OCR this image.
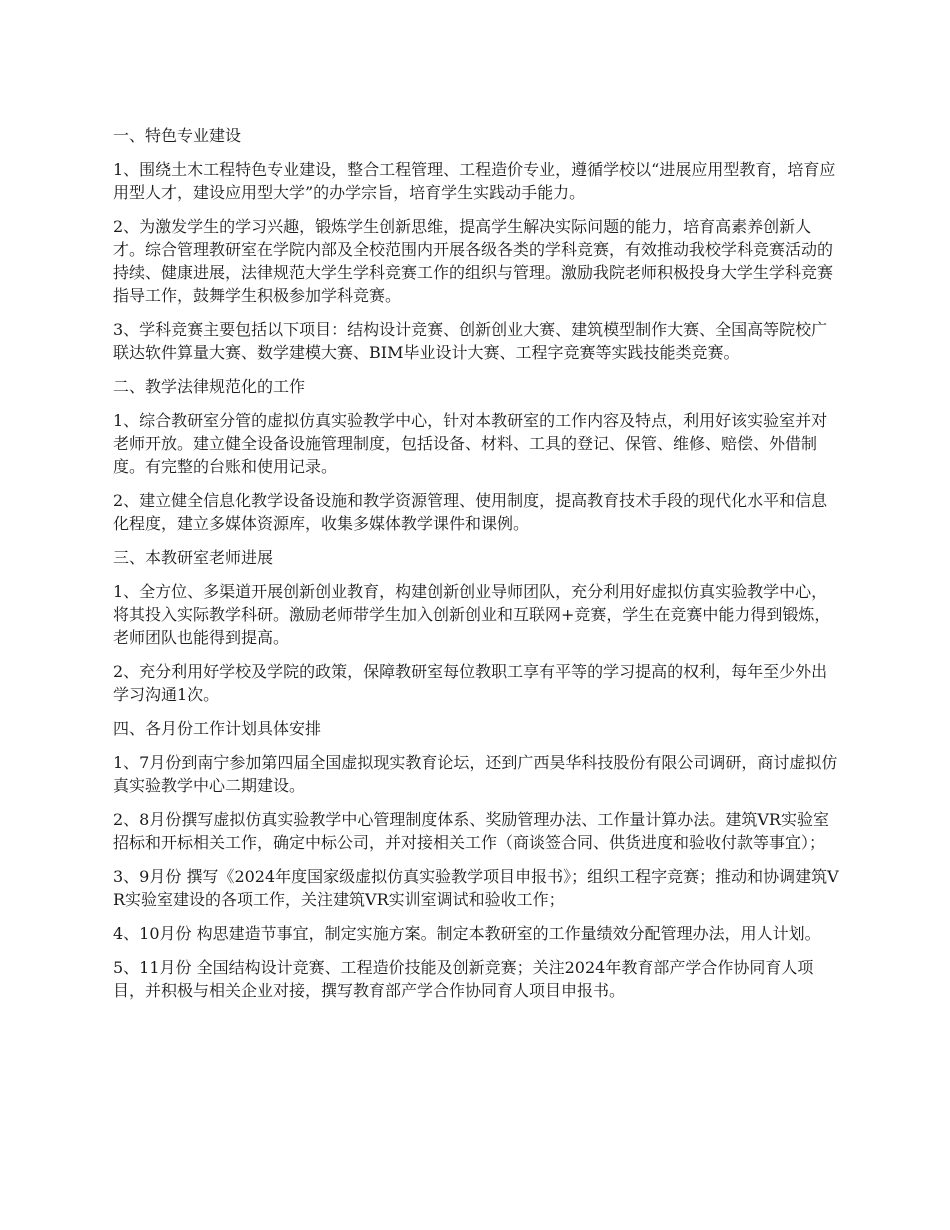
一、特色专业建设

1、围绕土木工程特色专业建设，整合工程管理、工程造价专业，遵循学校以“进展应用型教育，培育应用型人才，建设应用型大学”的办学宗旨，培育学生实践动手能力。

2、为激发学生的学习兴趣，锻炼学生创新思维，提高学生解决实际问题的能力，培育高素养创新人才。综合管理教研室在学院内部及全校范围内开展各级各类的学科竞赛，有效推动我校学科竞赛活动的持续、健康进展，法律规范大学生学科竞赛工作的组织与管理。激励我院老师积极投身大学生学科竞赛指导工作，鼓舞学生积极参加学科竞赛。

3、学科竞赛主要包括以下项目：结构设计竞赛、创新创业大赛、建筑模型制作大赛、全国高等院校广联达软件算量大赛、数学建模大赛、BIM毕业设计大赛、工程字竞赛等实践技能类竞赛。

二、教学法律规范化的工作

1、综合教研室分管的虚拟仿真实验教学中心，针对本教研室的工作内容及特点，利用好该实验室并对老师开放。建立健全设备设施管理制度，包括设备、材料、工具的登记、保管、维修、赔偿、外借制度。有完整的台账和使用记录。

2、建立健全信息化教学设备设施和教学资源管理、使用制度，提高教育技术手段的现代化水平和信息化程度，建立多媒体资源库，收集多媒体教学课件和课例。

三、本教研室老师进展

1、全方位、多渠道开展创新创业教育，构建创新创业导师团队，充分利用好虚拟仿真实验教学中心，将其投入实际教学科研。激励老师带学生加入创新创业和互联网+竞赛，学生在竞赛中能力得到锻炼，老师团队也能得到提高。

2、充分利用好学校及学院的政策，保障教研室每位教职工享有平等的学习提高的权利，每年至少外出学习沟通1次。

四、各月份工作计划具体安排

1、7月份到南宁参加第四届全国虚拟现实教育论坛，还到广西昊华科技股份有限公司调研，商讨虚拟仿真实验教学中心二期建设。

2、8月份撰写虚拟仿真实验教学中心管理制度体系、奖励管理办法、工作量计算办法。建筑VR实验室招标和开标相关工作，确定中标公司，并对接相关工作（商谈签合同、供货进度和验收付款等事宜）；

3、9月份 撰写《2024年度国家级虚拟仿真实验教学项目申报书》；组织工程字竞赛；推动和协调建筑VR实验室建设的各项工作，关注建筑VR实训室调试和验收工作；

4、10月份 构思建造节事宜，制定实施方案。制定本教研室的工作量绩效分配管理办法，用人计划。

5、11月份 全国结构设计竞赛、工程造价技能及创新竞赛；关注2024年教育部产学合作协同育人项目，并积极与相关企业对接，撰写教育部产学合作协同育人项目申报书。
